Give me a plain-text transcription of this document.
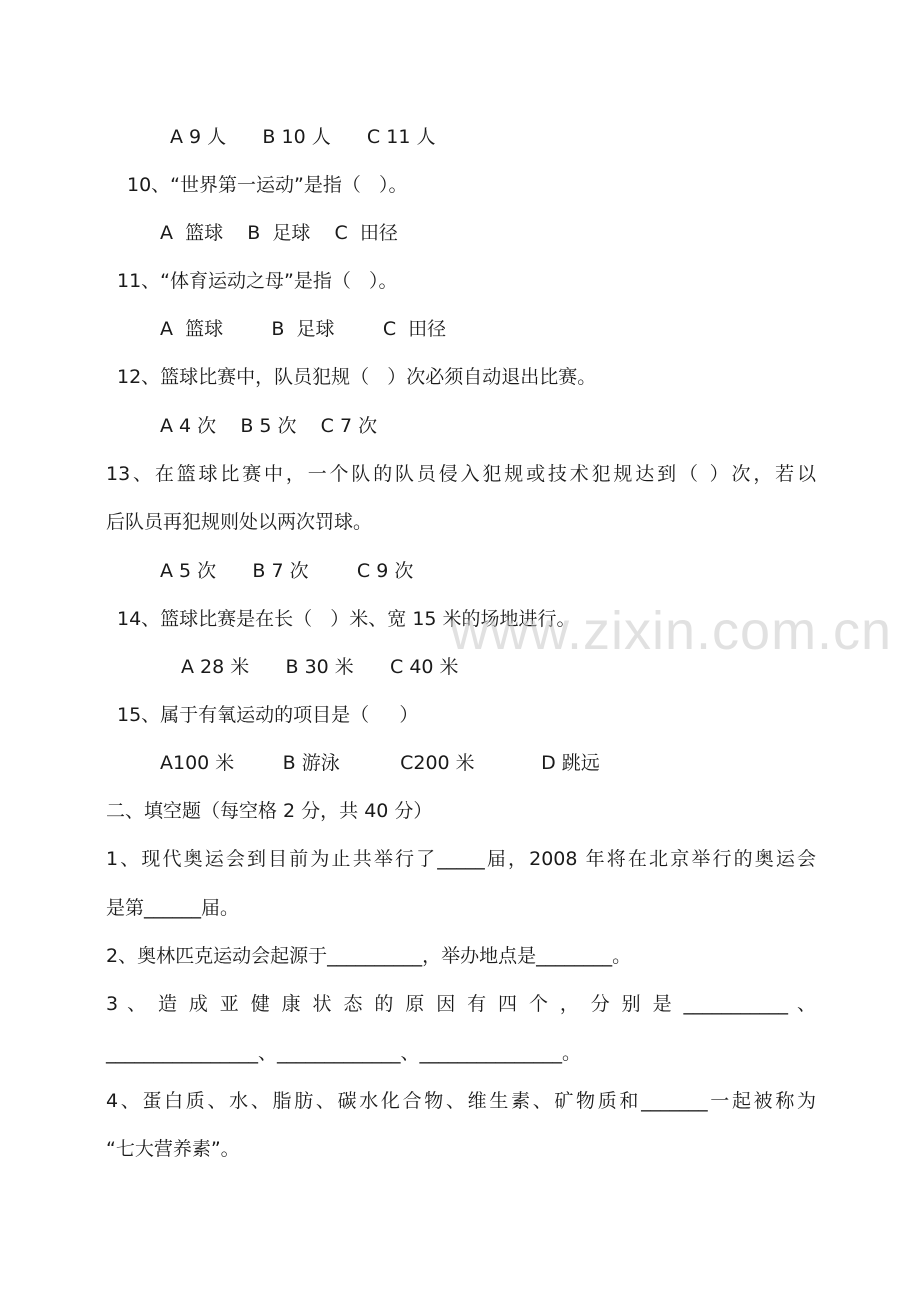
A 9 人      B 10 人      C 11 人
10、“世界第一运动”是指（   ）。
A  篮球    B  足球    C  田径
11、“体育运动之母”是指（   ）。
A  篮球        B  足球        C  田径
12、篮球比赛中，队员犯规（   ）次必须自动退出比赛。
A 4 次    B 5 次    C 7 次
13、在篮球比赛中，一个队的队员侵入犯规或技术犯规达到（ ）次，若以
后队员再犯规则处以两次罚球。
A 5 次      B 7 次        C 9 次
14、篮球比赛是在长（   ）米、宽 15 米的场地进行。
A 28 米      B 30 米      C 40 米
15、属于有氧运动的项目是（     ）
A100 米        B 游泳          C200 米           D 跳远
二、填空题（每空格 2 分，共 40 分）
1、现代奥运会到目前为止共举行了_____届，2008 年将在北京举行的奥运会
是第______届。
2、奥林匹克运动会起源于__________，举办地点是________。
3 、 造 成 亚 健 康 状 态 的 原 因 有 四 个 ， 分 别 是 ___________ 、
________________、_____________、_______________。
4、蛋白质、水、脂肪、碳水化合物、维生素、矿物质和_______一起被称为
“七大营养素”。
www.zixin.com.cn
